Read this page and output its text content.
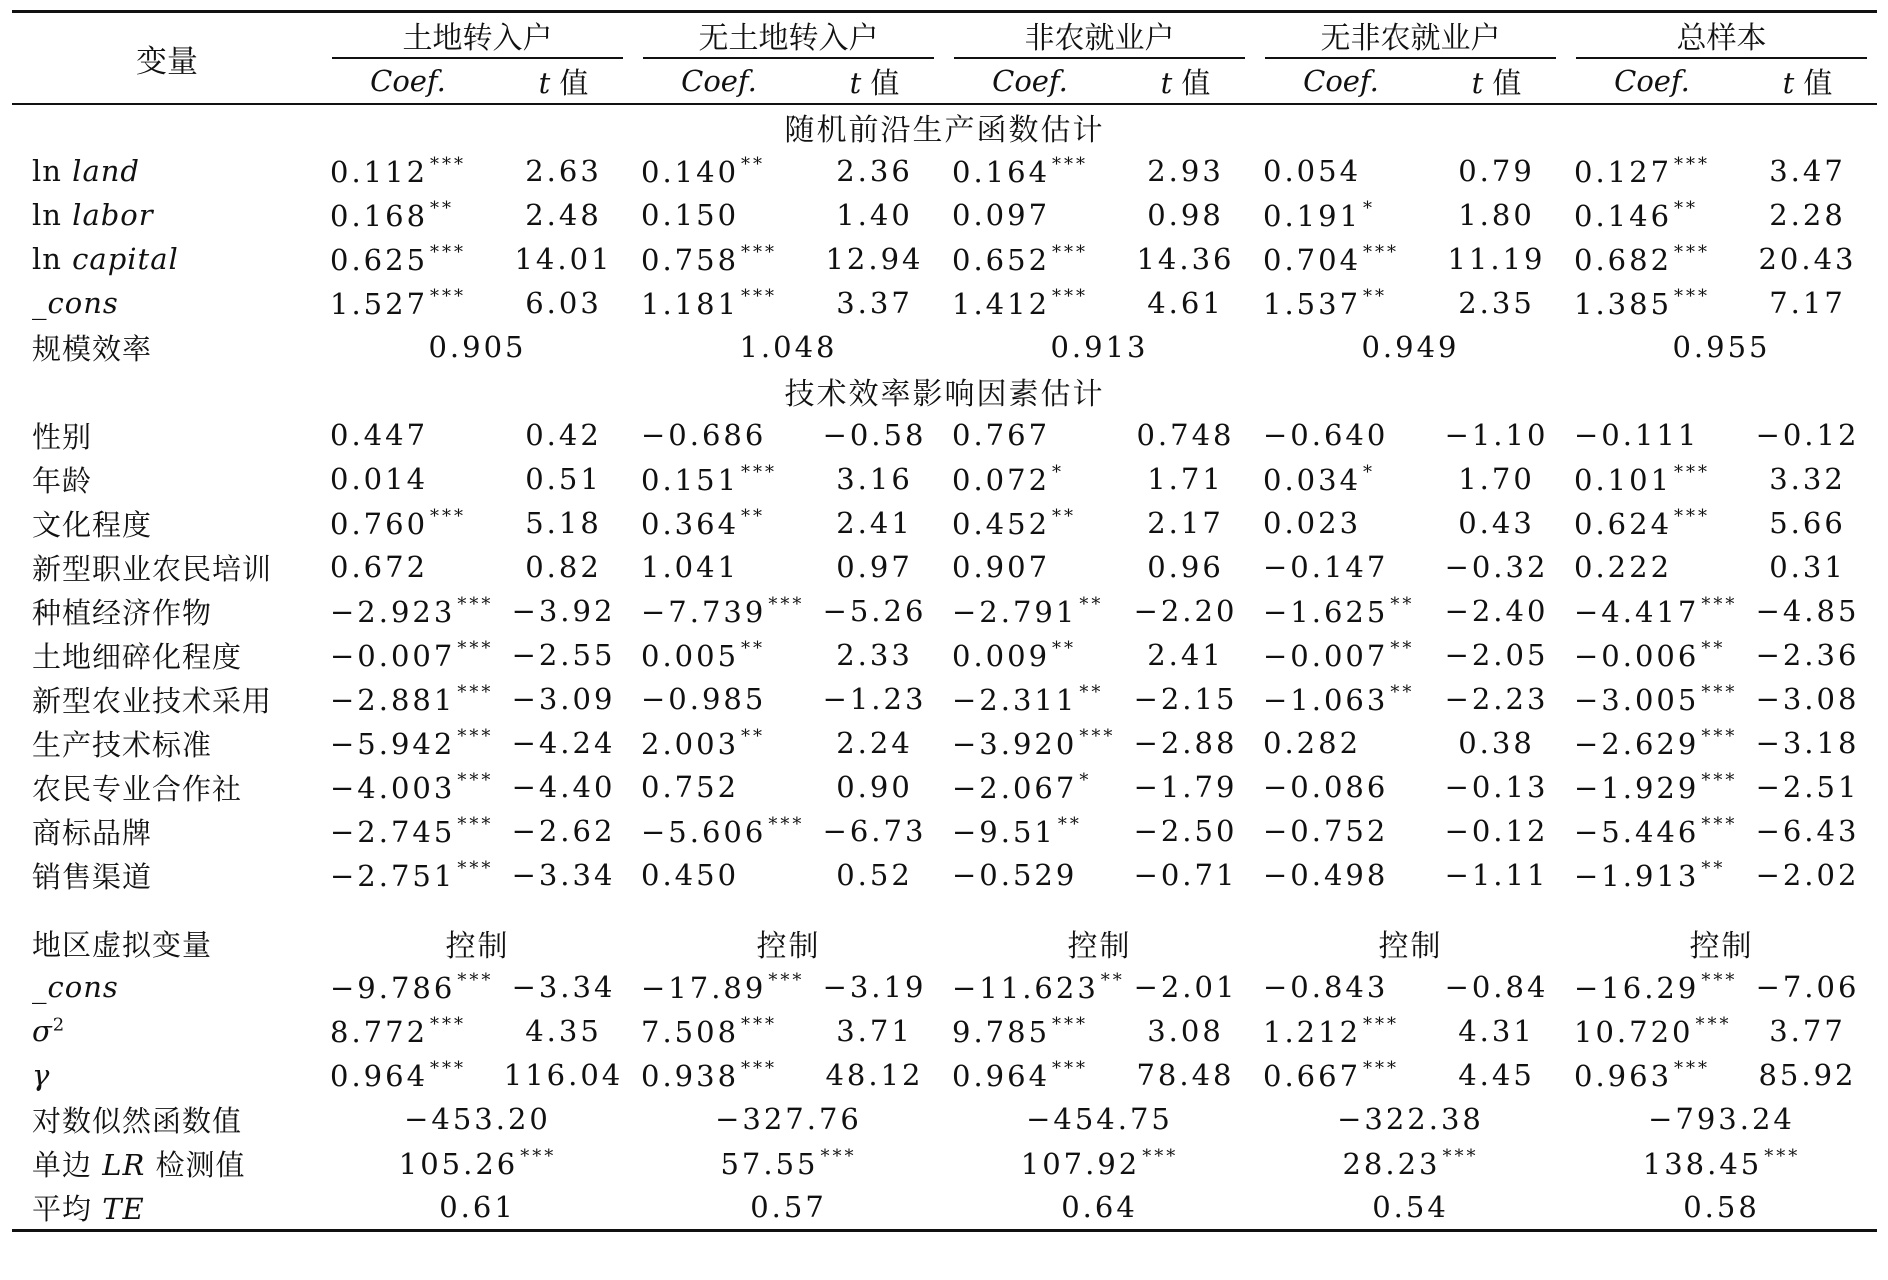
变量	土地转入户		无土地转入户		非农就业户		无非农就业户		总样本	

	Coef.	t 值	Coef.	t 值	Coef.	t 值	Coef.	t 值	Coef.	t 值
随机前沿生产函数估计										
ln land	0.112 ***	2.63	0.140 **	2.36	0.164 ***	2.93	0.054	0.79	0.127 ***	3.47
ln labor	0.168 **	2.48	0.150	1.40	0.097	0.98	0.191 *	1.80	0.146 **	2.28
ln capital	0.625 ***	14.01	0.758 ***	12.94	0.652 ***	14.36	0.704 ***	11.19	0.682 ***	20.43
_cons	1.527 ***	6.03	1.181 ***	3.37	1.412 ***	4.61	1.537 **	2.35	1.385 ***	7.17
规模效率	0.905		1.048		0.913		0.949		0.955	
技术效率影响因素估计										
性别	0.447	0.42	−0.686	−0.58	0.767	0.748	−0.640	−1.10	−0.111	−0.12
年龄	0.014	0.51	0.151 ***	3.16	0.072 *	1.71	0.034 *	1.70	0.101 ***	3.32
文化程度	0.760 ***	5.18	0.364 **	2.41	0.452 **	2.17	0.023	0.43	0.624 ***	5.66
新型职业农民培训	0.672	0.82	1.041	0.97	0.907	0.96	−0.147	−0.32	0.222	0.31
种植经济作物	−2.923 ***	−3.92	−7.739 ***	−5.26	−2.791 **	−2.20	−1.625 **	−2.40	−4.417 ***	−4.85
土地细碎化程度	−0.007 ***	−2.55	0.005 **	2.33	0.009 **	2.41	−0.007 **	−2.05	−0.006 **	−2.36
新型农业技术采用	−2.881 ***	−3.09	−0.985	−1.23	−2.311 **	−2.15	−1.063 **	−2.23	−3.005 ***	−3.08
生产技术标准	−5.942 ***	−4.24	2.003 **	2.24	−3.920 ***	−2.88	0.282	0.38	−2.629 ***	−3.18
农民专业合作社	−4.003 ***	−4.40	0.752	0.90	−2.067 *	−1.79	−0.086	−0.13	−1.929 ***	−2.51
商标品牌	−2.745 ***	−2.62	−5.606 ***	−6.73	−9.51 **	−2.50	−0.752	−0.12	−5.446 ***	−6.43
销售渠道	−2.751 ***	−3.34	0.450	0.52	−0.529	−0.71	−0.498	−1.11	−1.913 **	−2.02

地区虚拟变量	控制		控制		控制		控制		控制	
_cons	−9.786 ***	−3.34	−17.89 ***	−3.19	−11.623 **	−2.01	−0.843	−0.84	−16.29 ***	−7.06
$\sigma^2$	8.772 ***	4.35	7.508 ***	3.71	9.785 ***	3.08	1.212 ***	4.31	10.720 ***	3.77
γ	0.964 ***	116.04	0.938 ***	48.12	0.964 ***	78.48	0.667 ***	4.45	0.963 ***	85.92
对数似然函数值	−453.20		−327.76		−454.75		−322.38		−793.24	
单边 LR 检测值	105.26 ***		57.55 ***		107.92 ***		28.23 ***		138.45 ***
平均 TE	0.61		0.57		0.64		0.54		0.58	
